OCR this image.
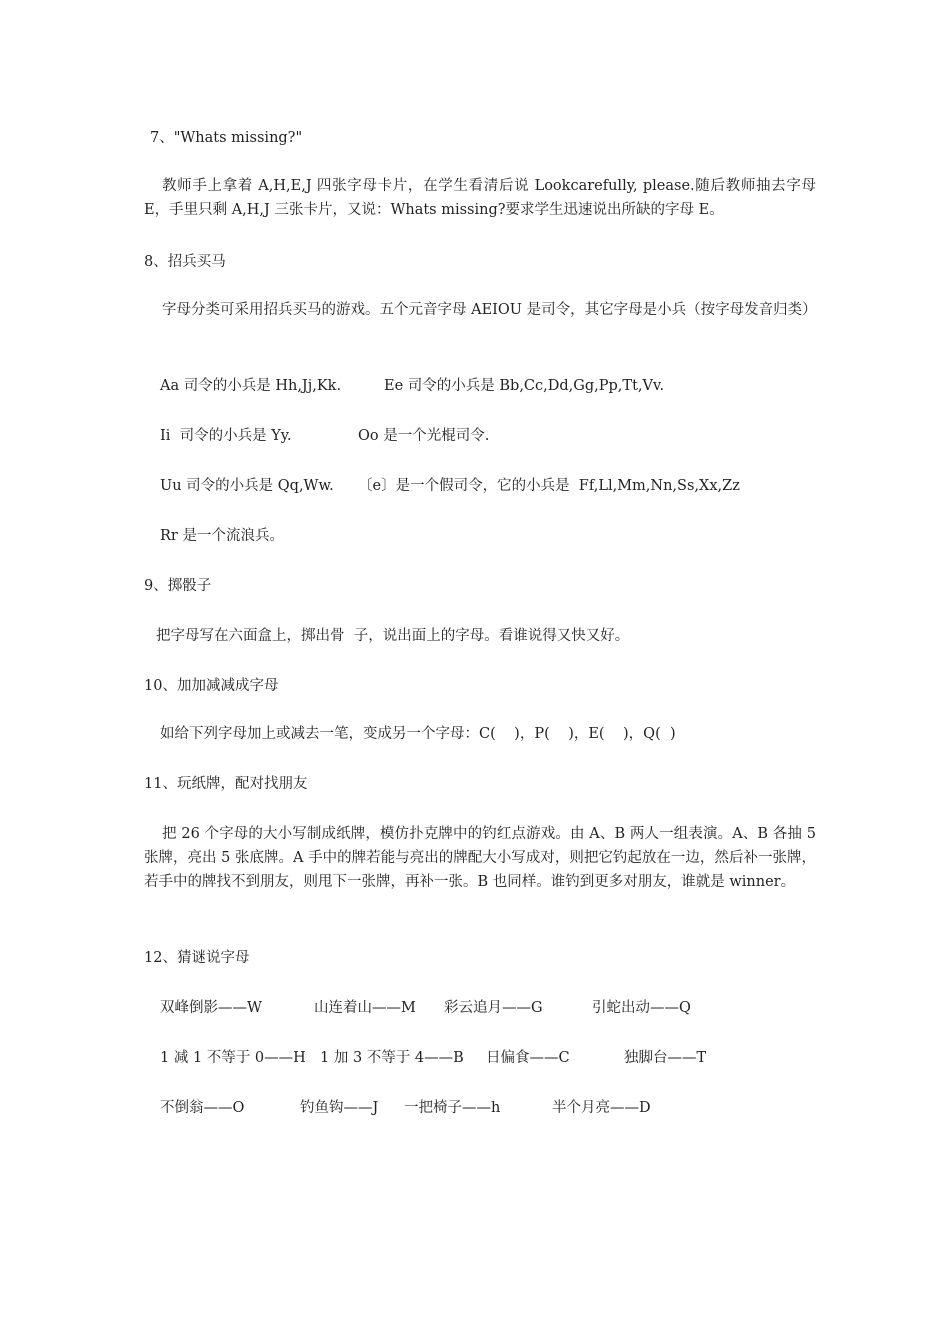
7、"Whats missing?"

教师手上拿着 A,H,E,J 四张字母卡片，在学生看清后说 Lookcarefully, please.随后教师抽去字母 E，手里只剩 A,H,J 三张卡片，又说：Whats missing?要求学生迅速说出所缺的字母 E。

8、招兵买马

字母分类可采用招兵买马的游戏。五个元音字母 AEIOU 是司令，其它字母是小兵（按字母发音归类）

Aa 司令的小兵是 Hh,Jj,Kk.	Ee 司令的小兵是 Bb,Cc,Dd,Gg,Pp,Tt,Vv.
Ii  司令的小兵是 Yy.	Oo 是一个光棍司令.
Uu 司令的小兵是 Qq,Ww. 〔e〕是一个假司令，它的小兵是  Ff,Ll,Mm,Nn,Ss,Xx,Zz
Rr 是一个流浪兵。
9、掷骰子
把字母写在六面盒上，掷出骨  子，说出面上的字母。看谁说得又快又好。
10、加加减减成字母
如给下列字母加上或减去一笔，变成另一个字母：C(    )，P(    )，E(    )，Q(  )
11、玩纸牌，配对找朋友

把 26 个字母的大小写制成纸牌，模仿扑克牌中的钓红点游戏。由 A、B 两人一组表演。A、B 各抽 5 张牌，亮出 5 张底牌。A 手中的牌若能与亮出的牌配大小写成对，则把它钓起放在一边，然后补一张牌，若手中的牌找不到朋友，则甩下一张牌，再补一张。B 也同样。谁钓到更多对朋友，谁就是 winner。

12、猜谜说字母
双峰倒影——W	山连着山——M 彩云追月——G	引蛇出动——Q
1 减 1 不等于 0——H 1 加 3 不等于 4——B 日偏食——C	独脚台——T
不倒翁——O	钓鱼钩——J 一把椅子——h	半个月亮——D
